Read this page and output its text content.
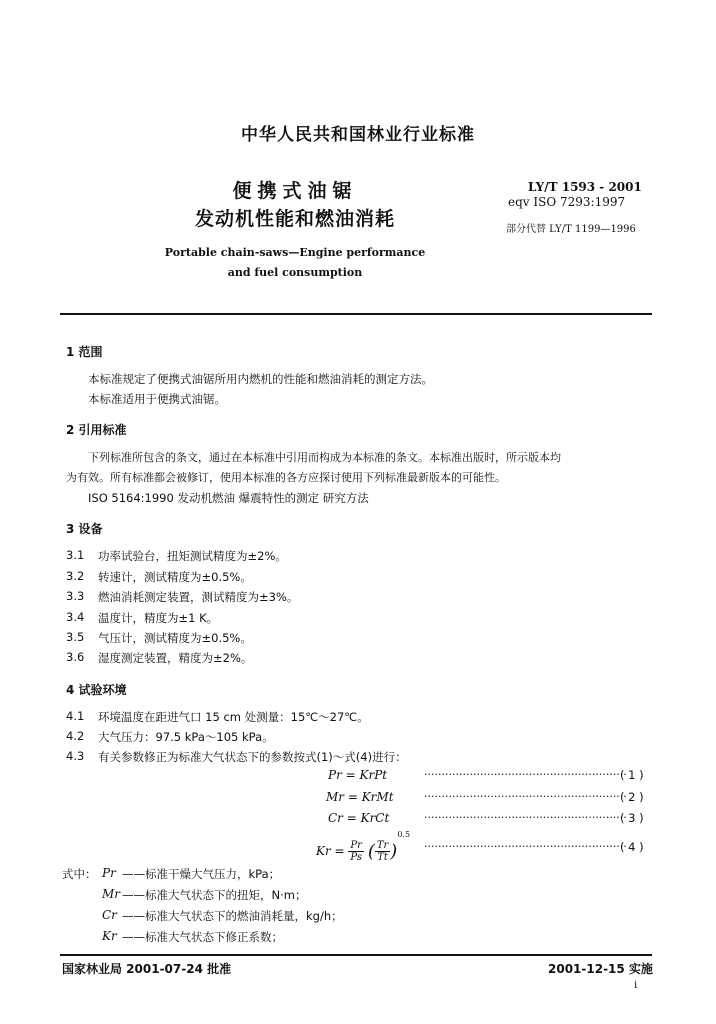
中华人民共和国林业行业标准
便携式油锯
发动机性能和燃油消耗
Portable chain-saws—Engine performance
and fuel consumption
LY/T 1593 - 2001
eqv ISO 7293:1997
部分代替 LY/T 1199—1996
1 范围
本标准规定了便携式油锯所用内燃机的性能和燃油消耗的测定方法。
本标准适用于便携式油锯。
2 引用标准
下列标准所包含的条文，通过在本标准中引用而构成为本标准的条文。本标准出版时，所示版本均
为有效。所有标准都会被修订，使用本标准的各方应探讨使用下列标准最新版本的可能性。
ISO 5164:1990 发动机燃油 爆震特性的测定 研究方法
3 设备
3.1 功率试验台，扭矩测试精度为±2%。
3.2 转速计，测试精度为±0.5%。
3.3 燃油消耗测定装置，测试精度为±3%。
3.4 温度计，精度为±1 K。
3.5 气压计，测试精度为±0.5%。
3.6 湿度测定装置，精度为±2%。
4 试验环境
4.1 环境温度在距进气口 15 cm 处测量：15℃～27℃。
4.2 大气压力：97.5 kPa～105 kPa。
4.3 有关参数修正为标准大气状态下的参数按式(1)～式(4)进行：
Pr = KrPt	··························································
( 1 )
Mr = KrMt	··························································
( 2 )
Cr = KrCt	··························································
( 3 )
$Kr = \frac{Pr}{Ps}$ ( $\frac{Tr}{Tt} )^{0.5}$
··························································
( 4 )
式中： Pr ——标准干燥大气压力，kPa；
Mr ——标准大气状态下的扭矩，N·m；
Cr ——标准大气状态下的燃油消耗量，kg/h；
Kr ——标准大气状态下修正系数；
国家林业局 2001-07-24 批准	2001-12-15 实施
i
